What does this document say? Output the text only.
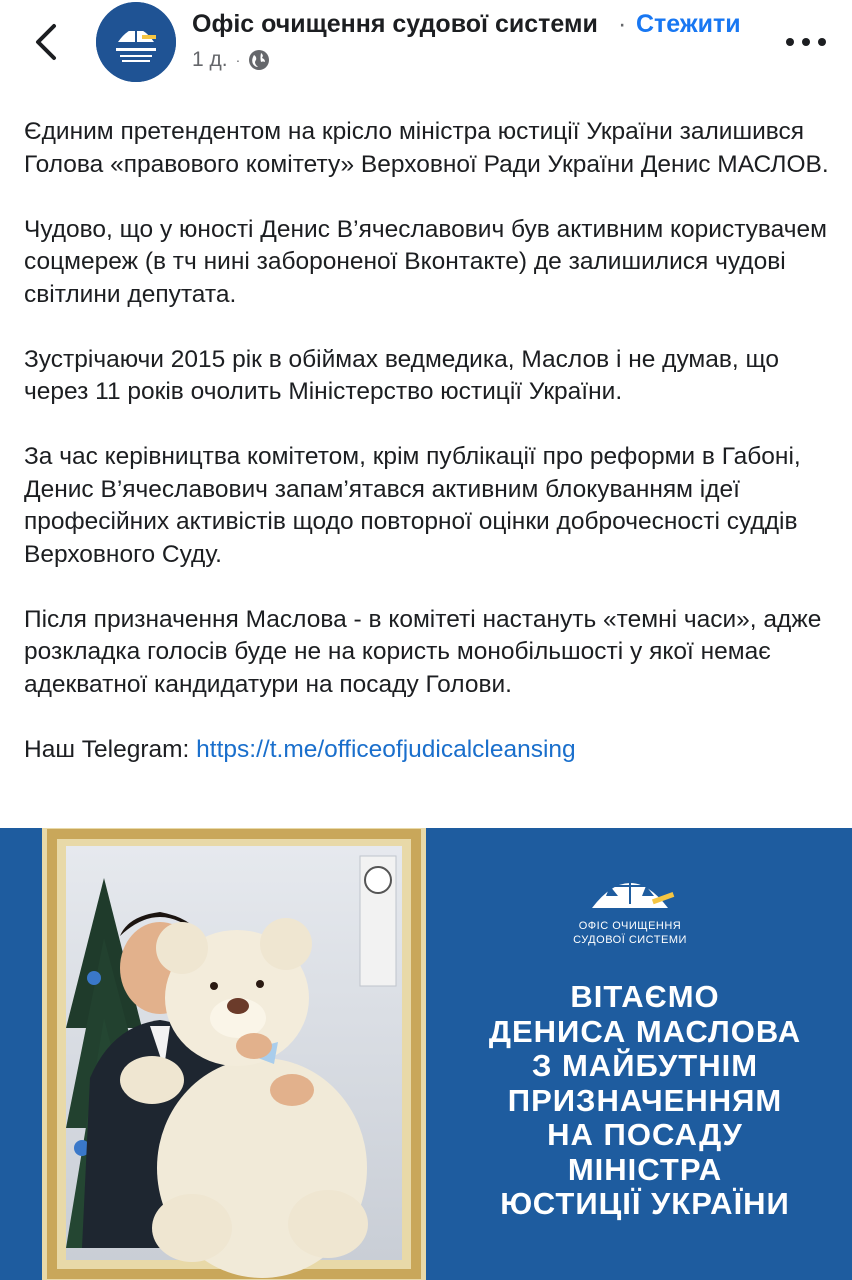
Офіс очищення судової системи · Стежити
1 д. ·

Єдиним претендентом на крісло міністра юстиції України залишився Голова «правового комітету» Верховної Ради України Денис МАСЛОВ.

Чудово, що у юності Денис В’ячеславович був активним користувачем соцмереж (в тч нині забороненої Вконтакте) де залишилися чудові світлини депутата.

Зустрічаючи 2015 рік в обіймах ведмедика, Маслов і не думав, що через 11 років очолить Міністерство юстиції України.

За час керівництва комітетом, крім публікації про реформи в Габоні, Денис В’ячеславович запам’ятався активним блокуванням ідеї професійних активістів щодо повторної оцінки доброчесності суддів Верховного Суду.

Після призначення Маслова - в комітеті настануть «темні часи», адже розкладка голосів буде не на користь монобільшості у якої немає адекватної кандидатури на посаду Голови.

Наш Telegram: https://t.me/officeofjudicalcleansing

ОФІС ОЧИЩЕННЯ
СУДОВОЇ СИСТЕМИ
ВІТАЄМО
ДЕНИСА МАСЛОВА
З МАЙБУТНІМ
ПРИЗНАЧЕННЯМ
НА ПОСАДУ
МІНІСТРА
ЮСТИЦІЇ УКРАЇНИ
